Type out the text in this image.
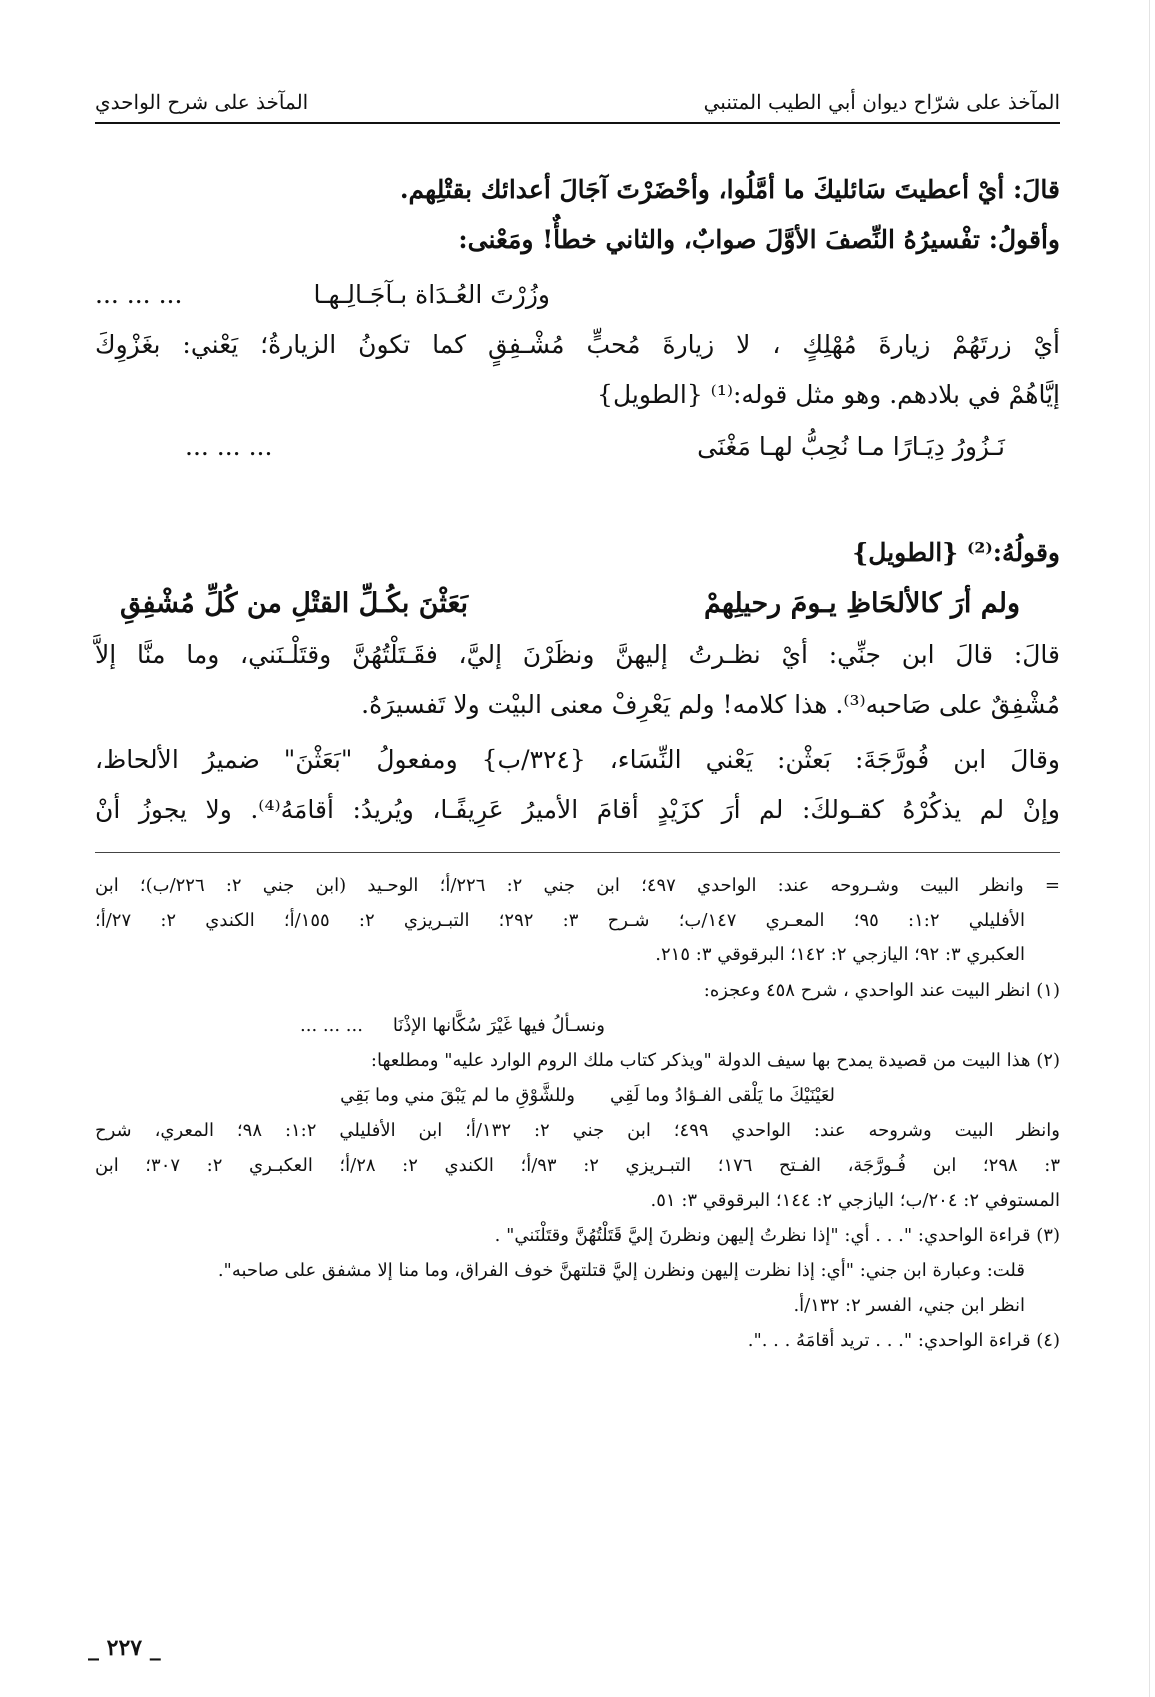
المآخذ على شرّاح ديوان أبي الطيب المتنبي
المآخذ على شرح الواحدي
قالَ: أيْ أعطيتَ سَائليكَ ما أمَّلُوا، وأحْضَرْتَ آجَالَ أعدائك بقتْلِهم.
وأقولُ: تفْسيرُهُ النِّصفَ الأوَّلَ صوابٌ، والثاني خطأٌ! ومَعْنى:
وزُرْتَ العُـدَاة بـآجَـالِـهـا
... ... ...
أيْ زرتَهُمْ زيارةَ مُهْلِكٍ ، لا زيارةَ مُحبٍّ مُشْـفِقٍ كما تكونُ الزيارةُ؛ يَعْني: بغَزْوِكَ
إيَّاهُمْ في بلادهم. وهو مثل قوله:⁽¹⁾ {الطويل}
نَـزُورُ دِيَـارًا مـا نُحِبُّ لهـا مَغْنَى
... ... ...
وقولُهُ:⁽²⁾ {الطويل}
ولم أرَ كالألحَاظِ يـومَ رحيلِهمْ
بَعَثْنَ بكُـلِّ القتْلِ من كُلِّ مُشْفِقِ
قالَ: قالَ ابن جنِّي: أيْ نظـرتُ إليهنَّ ونظَرْنَ إليَّ، فقَـتَلْتُهُنَّ وقتَلْـنَني، وما منَّا إلاَّ
مُشْفِقٌ على صَاحبه⁽³⁾. هذا كلامه! ولم يَعْرِفْ معنى البيْت ولا تَفسيرَهُ.
وقالَ ابن فُورَّجَةَ: بَعثْن: يَعْني النِّسَاء، {٣٢٤/ب} ومفعولُ "بَعَثْنَ" ضميرُ الألحاظ،
وإنْ لم يذكُرْهُ كقـولكَ: لم أرَ كزَيْدٍ أقامَ الأميرُ عَرِيفًـا، ويُريدُ: أقامَهُ⁽⁴⁾. ولا يجوزُ أنْ
= وانظر البيت وشـروحه عند: الواحدي ٤٩٧؛ ابن جني ٢: ٢٢٦/أ؛ الوحـيد (ابن جني ٢: ٢٢٦/ب)؛ ابن
الأفليلي ١:٢: ٩٥؛ المعـري ١٤٧/ب؛ شـرح ٣: ٢٩٢؛ التبـريزي ٢: ١٥٥/أ؛ الكندي ٢: ٢٧/أ؛
العكبري ٣: ٩٢؛ اليازجي ٢: ١٤٢؛ البرقوقي ٣: ٢١٥.
(١) انظر البيت عند الواحدي ، شرح ٤٥٨ وعجزه:
ونسـألُ فيها غَيْرَ سُكَّانها الإذْنَا
... ... ...
(٢) هذا البيت من قصيدة يمدح بها سيف الدولة "ويذكر كتاب ملك الروم الوارد عليه" ومطلعها:
لعَيْنَيْكَ ما يَلْقى الفـؤادُ وما لَقِي
وللشَّوْقِ ما لم يَبْقَ مني وما بَقِي
وانظر البيت وشروحه عند: الواحدي ٤٩٩؛ ابن جني ٢: ١٣٢/أ؛ ابن الأفليلي ١:٢: ٩٨؛ المعري، شرح
٣: ٢٩٨؛ ابن فُـورَّجَة، الفـتح ١٧٦؛ التبـريزي ٢: ٩٣/أ؛ الكندي ٢: ٢٨/أ؛ العكبـري ٢: ٣٠٧؛ ابن
المستوفي ٢: ٢٠٤/ب؛ اليازجي ٢: ١٤٤؛ البرقوقي ٣: ٥١.
(٣) قراءة الواحدي: ". . . أي: "إذا نظرتُ إليهن ونظرنَ إليَّ قَتَلْتُهُنَّ وقتَلْنَني" .
قلت: وعبارة ابن جني: "أي: إذا نظرت إليهن ونظرن إليَّ قتلتهنَّ خوف الفراق، وما منا إلا مشفق على صاحبه".
انظر ابن جني، الفسر ٢: ١٣٢/أ.
(٤) قراءة الواحدي: ". . . تريد أقامَهُ . . .".
_ ٢٢٧ _
